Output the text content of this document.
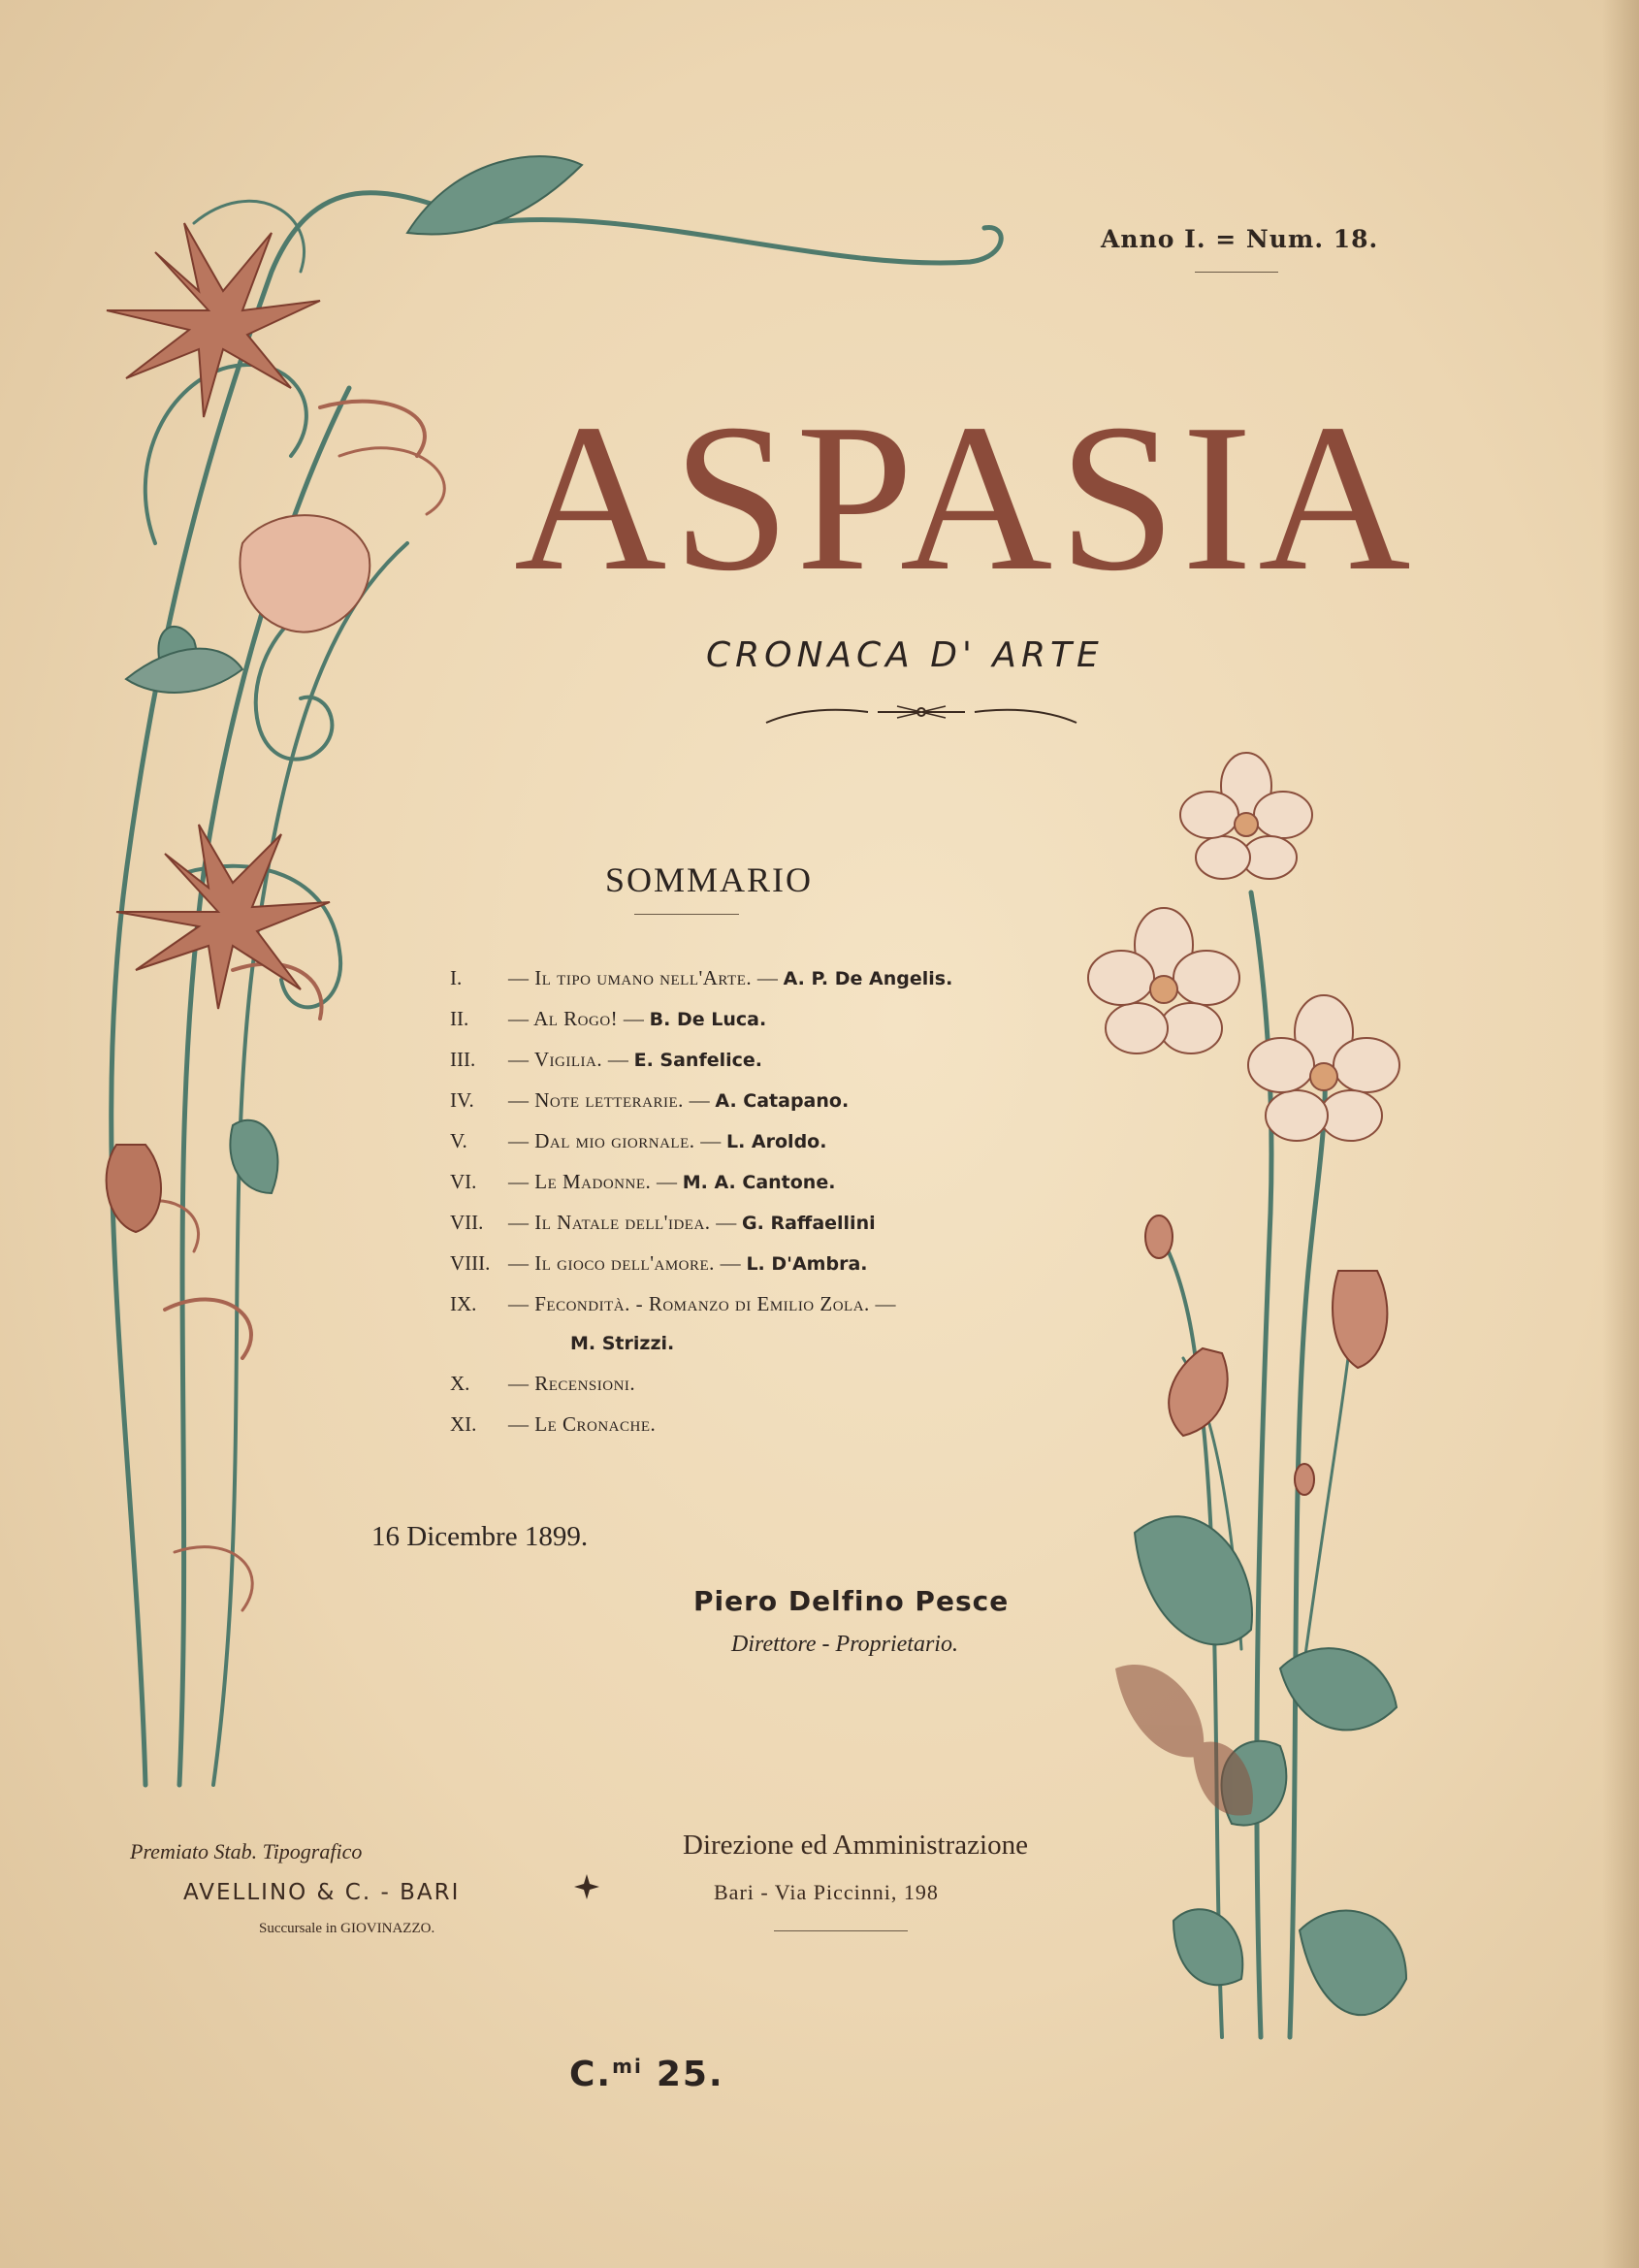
Anno I. = Num. 18.
ASPASIA
CRONACA D' ARTE
SOMMARIO
I. — Il tipo umano nell'Arte. — A. P. De Angelis.
II. — Al Rogo! — B. De Luca.
III. — Vigilia. — E. Sanfelice.
IV. — Note letterarie. — A. Catapano.
V. — Dal mio giornale. — L. Aroldo.
VI. — Le Madonne. — M. A. Cantone.
VII. — Il Natale dell'idea. — G. Raffaellini
VIII. — Il gioco dell'amore. — L. D'Ambra.
IX. — Fecondità. - Romanzo di Emilio Zola. —
M. Strizzi.
X. — Recensioni.
XI. — Le Cronache.
16 Dicembre 1899.
Piero Delfino Pesce
Direttore - Proprietario.
Premiato Stab. Tipografico
AVELLINO & C. - BARI
Succursale in GIOVINAZZO.
Direzione ed Amministrazione
Bari - Via Piccinni, 198
C.$^{mi}$ 25.
